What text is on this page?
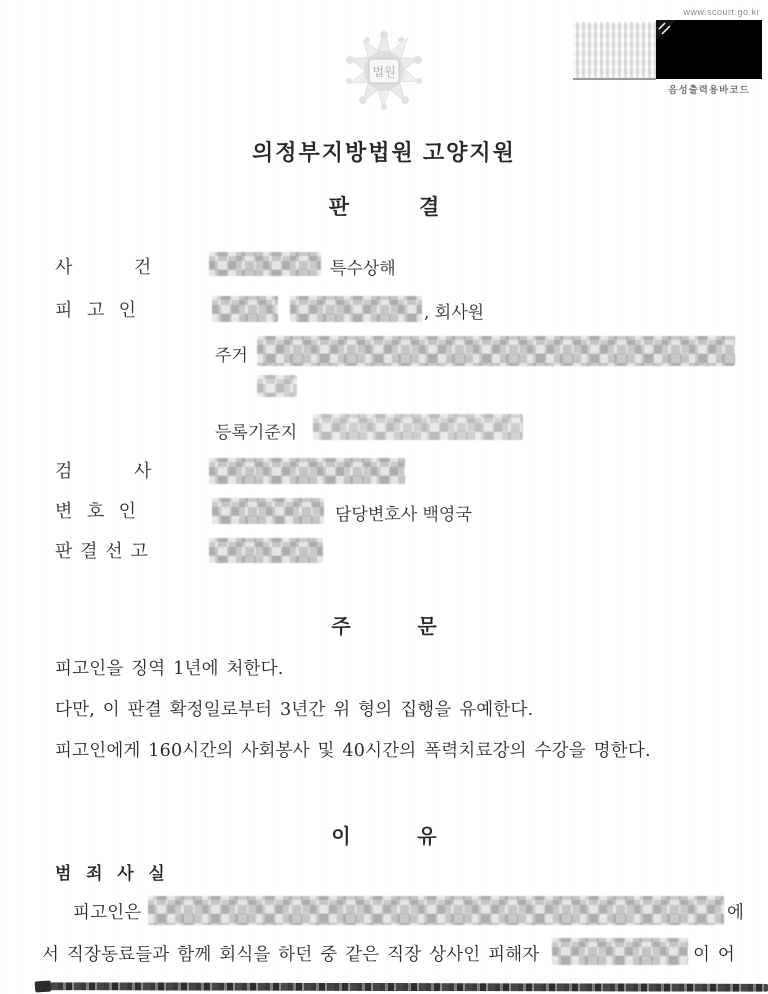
www.scourt.go.kr
음성출력용바코드
법원
의정부지방법원 고양지원
판            결
사         건	특수상해
피  고  인	, 회사원
주거
등록기준지
검         사
변  호  인	담당변호사 백영국
판 결 선 고
주            문
피고인을 징역 1년에 처한다.
다만, 이 판결 확정일로부터 3년간 위 형의 집행을 유예한다.
피고인에게 160시간의 사회봉사 및 40시간의 폭력치료강의 수강을 명한다.
이            유
범 죄 사 실
피고인은	에
서 직장동료들과 함께 회식을 하던 중 같은 직장 상사인 피해자	이 어
